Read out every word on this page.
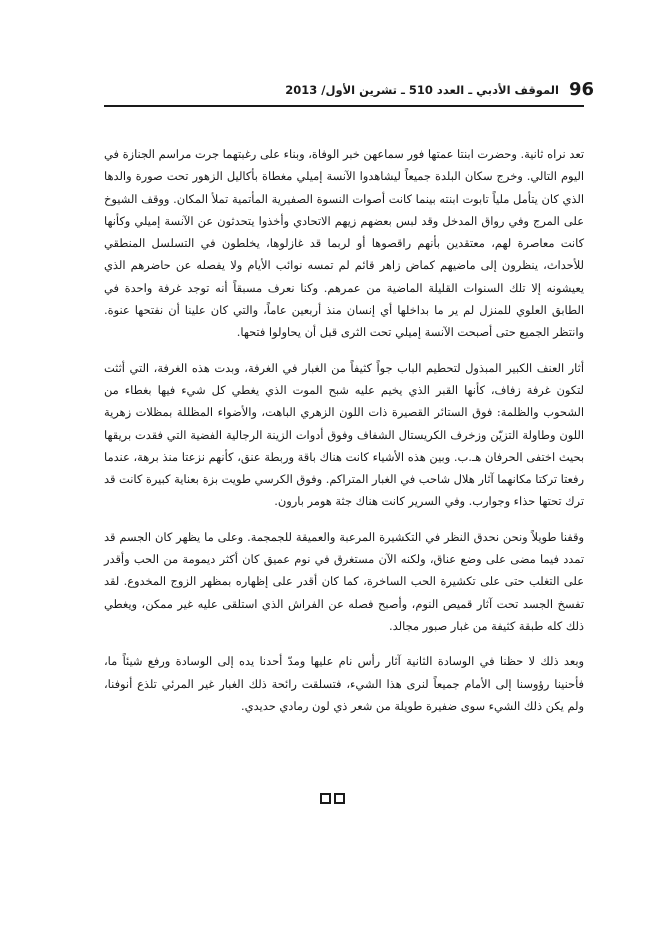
96
الموقف الأدبي ـ العدد 510 ـ تشرين الأول/ 2013

تعد نراه ثانية. وحضرت ابنتا عمتها فور سماعهن خبر الوفاة، وبناء على رغبتهما جرت مراسم الجنازة في اليوم التالي. وخرج سكان البلدة جميعاً ليشاهدوا الآنسة إميلي مغطاة بأكاليل الزهور تحت صورة والدها الذي كان يتأمل ملياً تابوت ابنته بينما كانت أصوات النسوة الصفيرية المأتمية تملأ المكان. ووقف الشيوخ على المرج وفي رواق المدخل وقد لبس بعضهم زيهم الاتحادي وأخذوا يتحدثون عن الآنسة إميلي وكأنها كانت معاصرة لهم، معتقدين بأنهم راقصوها أو لربما قد غازلوها، يخلطون في التسلسل المنطقي للأحداث، ينظرون إلى ماضيهم كماض زاهر قائم لم تمسه نوائب الأيام ولا يفصله عن حاضرهم الذي يعيشونه إلا تلك السنوات القليلة الماضية من عمرهم. وكنا نعرف مسبقاً أنه توجد غرفة واحدة في الطابق العلوي للمنزل لم ير ما بداخلها أي إنسان منذ أربعين عاماً، والتي كان علينا أن نفتحها عنوة. وانتظر الجميع حتى أصبحت الآنسة إميلي تحت الثرى قبل أن يحاولوا فتحها.

أثار العنف الكبير المبذول لتحطيم الباب جواً كثيفاً من الغبار في الغرفة، وبدت هذه الغرفة، التي أثثت لتكون غرفة زفاف، كأنها القبر الذي يخيم عليه شبح الموت الذي يغطي كل شيء فيها بغطاء من الشحوب والظلمة: فوق الستائر القصيرة ذات اللون الزهري الباهت، والأضواء المظللة بمظلات زهرية اللون وطاولة التزيّن وزخرف الكريستال الشفاف وفوق أدوات الزينة الرجالية الفضية التي فقدت بريقها بحيث اختفى الحرفان هـ.ب. وبين هذه الأشياء كانت هناك باقة وربطة عنق، كأنهم نزعتا منذ برهة، عندما رفعتا تركتا مكانهما آثار هلال شاحب في الغبار المتراكم. وفوق الكرسي طويت بزة بعناية كبيرة كانت قد ترك تحتها حذاء وجوارب. وفي السرير كانت هناك جثة هومر بارون.

وقفنا طويلاً ونحن نحدق النظر في التكشيرة المرعبة والعميقة للجمجمة. وعلى ما يظهر كان الجسم قد تمدد فيما مضى على وضع عناق، ولكنه الآن مستغرق في نوم عميق كان أكثر ديمومة من الحب وأقدر على التغلب حتى على تكشيرة الحب الساخرة، كما كان أقدر على إظهاره بمظهر الزوج المخدوع. لقد تفسخ الجسد تحت آثار قميص النوم، وأصبح فصله عن الفراش الذي استلقى عليه غير ممكن، ويغطي ذلك كله طبقة كثيفة من غبار صبور مجالد.

وبعد ذلك لا حظنا في الوسادة الثانية آثار رأس نام عليها ومدّ أحدنا يده إلى الوسادة ورفع شيئاً ما، فأحنينا رؤوسنا إلى الأمام جميعاً لنرى هذا الشيء، فتسلقت رائحة ذلك الغبار غير المرئي تلذع أنوفنا، ولم يكن ذلك الشيء سوى ضفيرة طويلة من شعر ذي لون رمادي حديدي.
